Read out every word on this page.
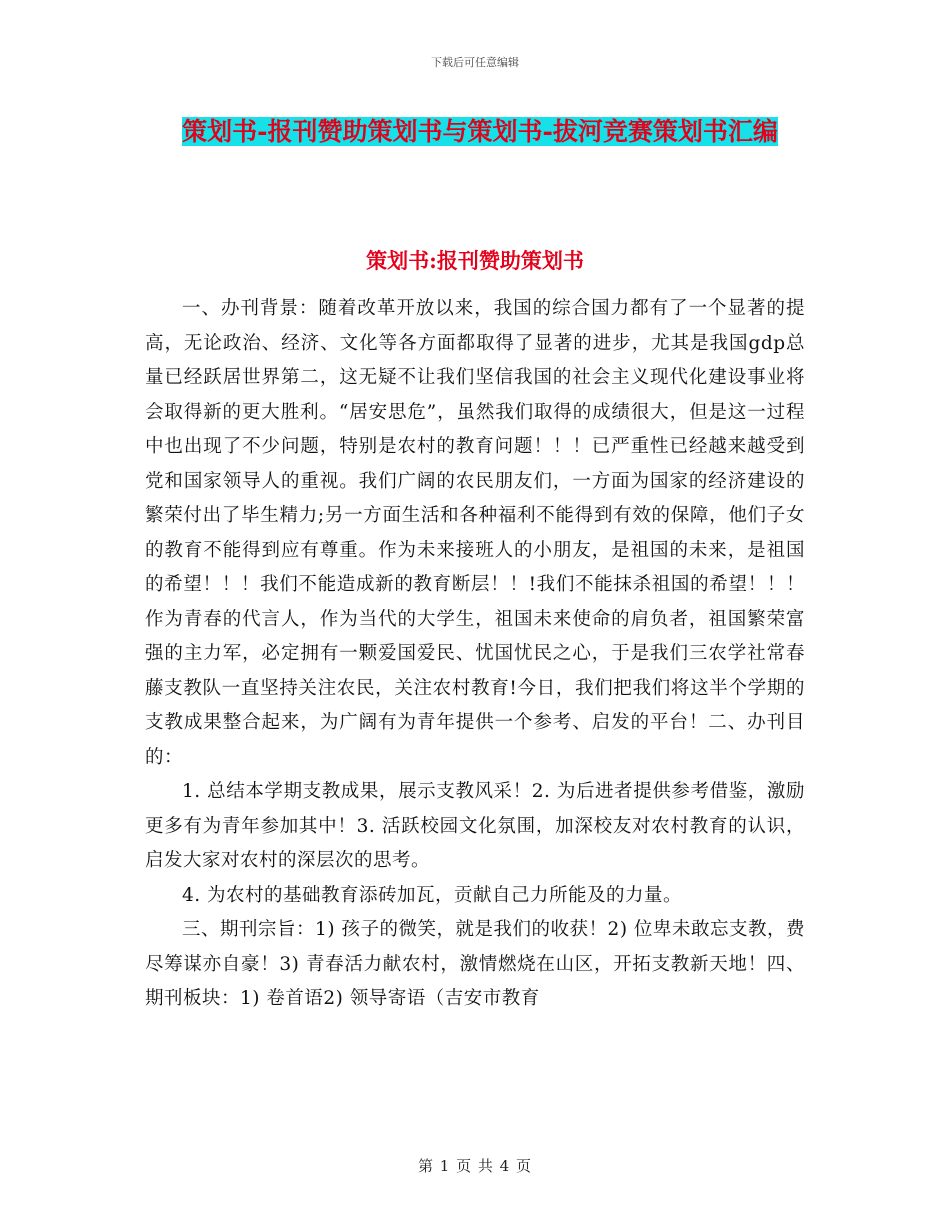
下载后可任意编辑
策划书-报刊赞助策划书与策划书-拔河竞赛策划书汇编
策划书:报刊赞助策划书

一、办刊背景：随着改革开放以来，我国的综合国力都有了一个显著的提高，无论政治、经济、文化等各方面都取得了显著的进步，尤其是我国gdp总量已经跃居世界第二，这无疑不让我们坚信我国的社会主义现代化建设事业将会取得新的更大胜利。“居安思危”，虽然我们取得的成绩很大，但是这一过程中也出现了不少问题，特别是农村的教育问题！！！已严重性已经越来越受到党和国家领导人的重视。我们广阔的农民朋友们，一方面为国家的经济建设的繁荣付出了毕生精力;另一方面生活和各种福利不能得到有效的保障，他们子女的教育不能得到应有尊重。作为未来接班人的小朋友，是祖国的未来，是祖国的希望！！！我们不能造成新的教育断层！！!我们不能抹杀祖国的希望！！！作为青春的代言人，作为当代的大学生，祖国未来使命的肩负者，祖国繁荣富强的主力军，必定拥有一颗爱国爱民、忧国忧民之心，于是我们三农学社常春藤支教队一直坚持关注农民，关注农村教育!今日，我们把我们将这半个学期的支教成果整合起来，为广阔有为青年提供一个参考、启发的平台！二、办刊目的：

1. 总结本学期支教成果，展示支教风采！2. 为后进者提供参考借鉴，激励更多有为青年参加其中！3. 活跃校园文化氛围，加深校友对农村教育的认识，启发大家对农村的深层次的思考。

4. 为农村的基础教育添砖加瓦，贡献自己力所能及的力量。

三、期刊宗旨：1) 孩子的微笑，就是我们的收获！2) 位卑未敢忘支教，费尽筹谋亦自豪！3) 青春活力献农村，激情燃烧在山区，开拓支教新天地！四、 期刊板块：1) 卷首语2) 领导寄语（吉安市教育

第 1 页 共 4 页
